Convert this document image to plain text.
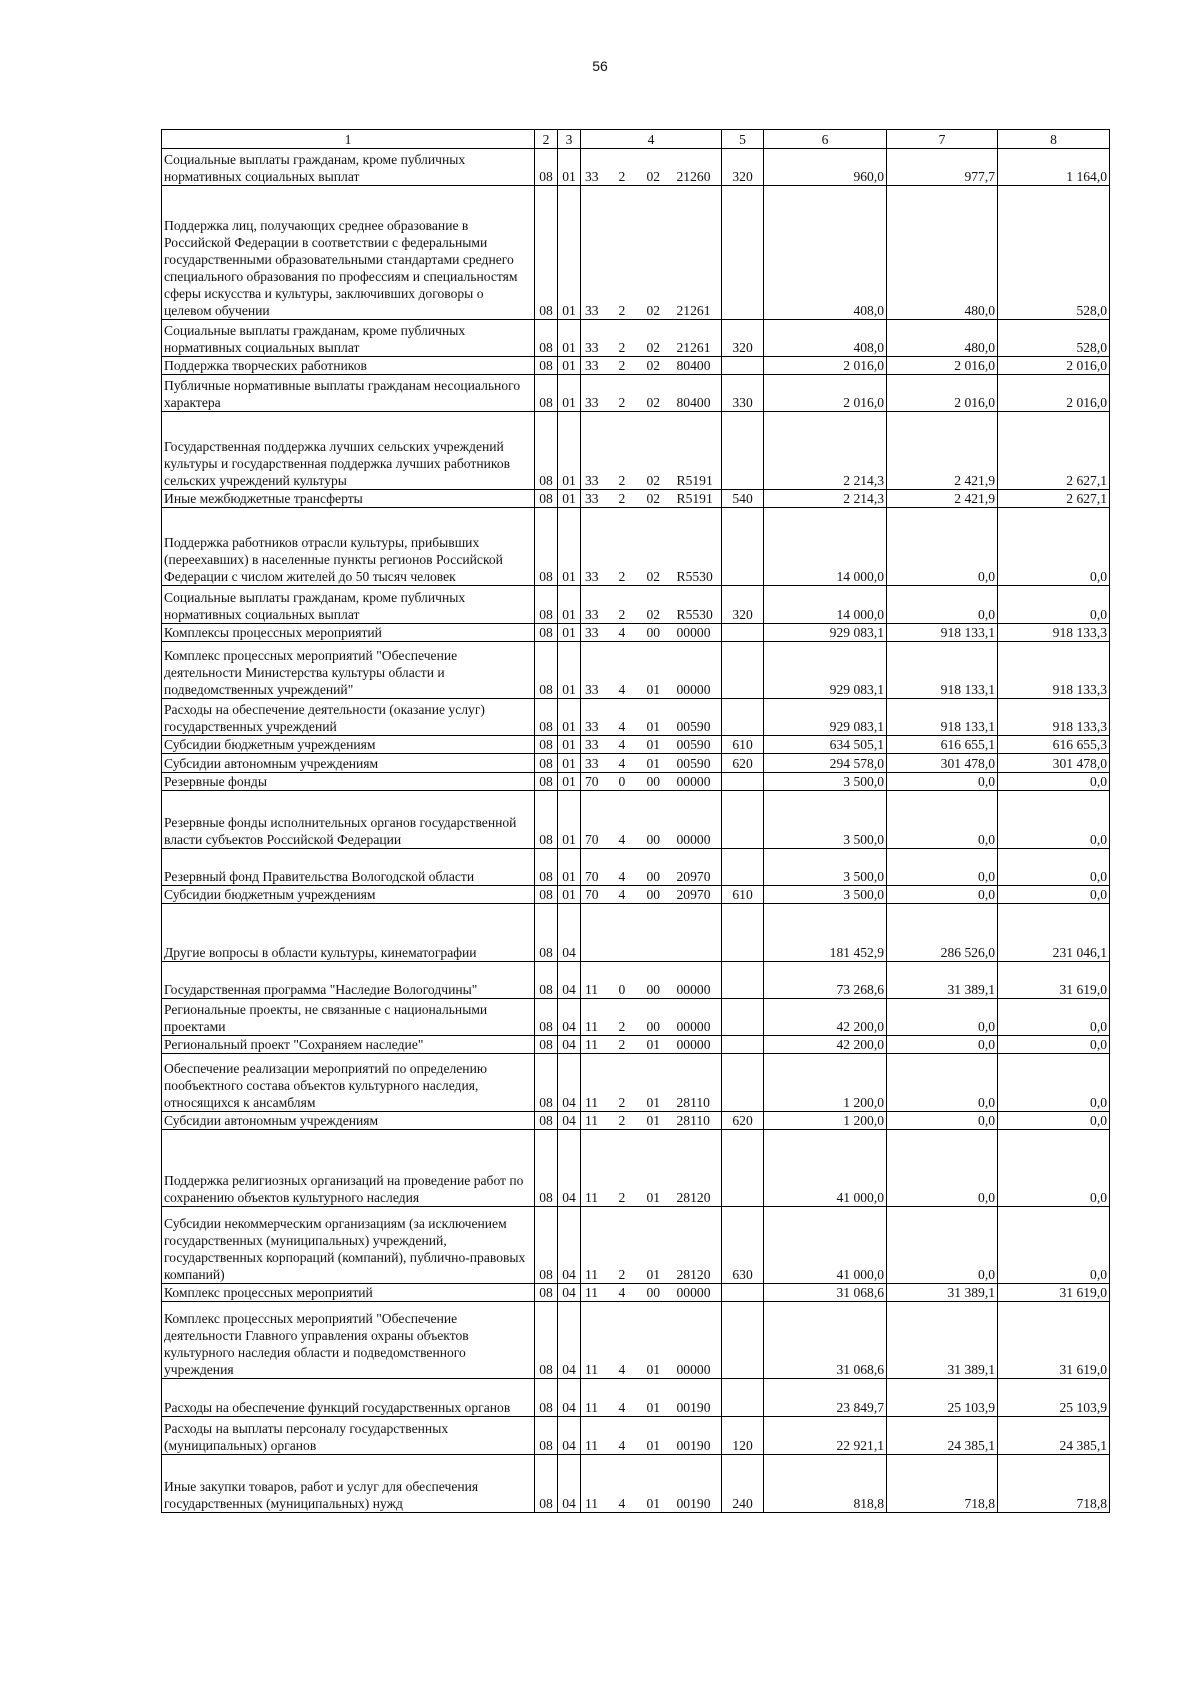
56
1	2	3	4				5	6	7	8
Социальные выплаты гражданам, кроме публичных нормативных социальных выплат	08	01	33	2	02	21260	320	960,0	977,7	1 164,0
Поддержка лиц, получающих среднее образование в Российской Федерации в соответствии с федеральными государственными образовательными стандартами среднего специального образования по профессиям и специальностям сферы искусства и культуры, заключивших договоры о целевом обучении	08	01	33	2	02	21261		408,0	480,0	528,0
Социальные выплаты гражданам, кроме публичных нормативных социальных выплат	08	01	33	2	02	21261	320	408,0	480,0	528,0
Поддержка творческих работников	08	01	33	2	02	80400		2 016,0	2 016,0	2 016,0
Публичные нормативные выплаты гражданам несоциального характера	08	01	33	2	02	80400	330	2 016,0	2 016,0	2 016,0
Государственная поддержка лучших сельских учреждений культуры и государственная поддержка лучших работников сельских учреждений культуры	08	01	33	2	02	R5191		2 214,3	2 421,9	2 627,1
Иные межбюджетные трансферты	08	01	33	2	02	R5191	540	2 214,3	2 421,9	2 627,1
Поддержка работников отрасли культуры, прибывших (переехавших) в населенные пункты регионов Российской Федерации с числом жителей до 50 тысяч человек	08	01	33	2	02	R5530		14 000,0	0,0	0,0
Социальные выплаты гражданам, кроме публичных нормативных социальных выплат	08	01	33	2	02	R5530	320	14 000,0	0,0	0,0
Комплексы процессных мероприятий	08	01	33	4	00	00000		929 083,1	918 133,1	918 133,3
Комплекс процессных мероприятий "Обеспечение деятельности Министерства культуры области и подведомственных учреждений"	08	01	33	4	01	00000		929 083,1	918 133,1	918 133,3
Расходы на обеспечение деятельности (оказание услуг) государственных учреждений	08	01	33	4	01	00590		929 083,1	918 133,1	918 133,3
Субсидии бюджетным учреждениям	08	01	33	4	01	00590	610	634 505,1	616 655,1	616 655,3
Субсидии автономным учреждениям	08	01	33	4	01	00590	620	294 578,0	301 478,0	301 478,0
Резервные фонды	08	01	70	0	00	00000		3 500,0	0,0	0,0
Резервные фонды исполнительных органов государственной власти субъектов Российской Федерации	08	01	70	4	00	00000		3 500,0	0,0	0,0
Резервный фонд Правительства Вологодской области	08	01	70	4	00	20970		3 500,0	0,0	0,0
Субсидии бюджетным учреждениям	08	01	70	4	00	20970	610	3 500,0	0,0	0,0
Другие вопросы в области культуры, кинематографии	08	04						181 452,9	286 526,0	231 046,1
Государственная программа "Наследие Вологодчины"	08	04	11	0	00	00000		73 268,6	31 389,1	31 619,0
Региональные проекты, не связанные с национальными проектами	08	04	11	2	00	00000		42 200,0	0,0	0,0
Региональный проект "Сохраняем наследие"	08	04	11	2	01	00000		42 200,0	0,0	0,0
Обеспечение реализации мероприятий по определению пообъектного состава объектов культурного наследия, относящихся к ансамблям	08	04	11	2	01	28110		1 200,0	0,0	0,0
Субсидии автономным учреждениям	08	04	11	2	01	28110	620	1 200,0	0,0	0,0
Поддержка религиозных организаций на проведение работ по сохранению объектов культурного наследия	08	04	11	2	01	28120		41 000,0	0,0	0,0
Субсидии некоммерческим организациям (за исключением государственных (муниципальных) учреждений, государственных корпораций (компаний), публично-правовых компаний)	08	04	11	2	01	28120	630	41 000,0	0,0	0,0
Комплекс процессных мероприятий	08	04	11	4	00	00000		31 068,6	31 389,1	31 619,0
Комплекс процессных мероприятий "Обеспечение деятельности Главного управления охраны объектов культурного наследия области и подведомственного учреждения	08	04	11	4	01	00000		31 068,6	31 389,1	31 619,0
Расходы на обеспечение функций государственных органов	08	04	11	4	01	00190		23 849,7	25 103,9	25 103,9
Расходы на выплаты персоналу государственных (муниципальных) органов	08	04	11	4	01	00190	120	22 921,1	24 385,1	24 385,1
Иные закупки товаров, работ и услуг для обеспечения государственных (муниципальных) нужд	08	04	11	4	01	00190	240	818,8	718,8	718,8
